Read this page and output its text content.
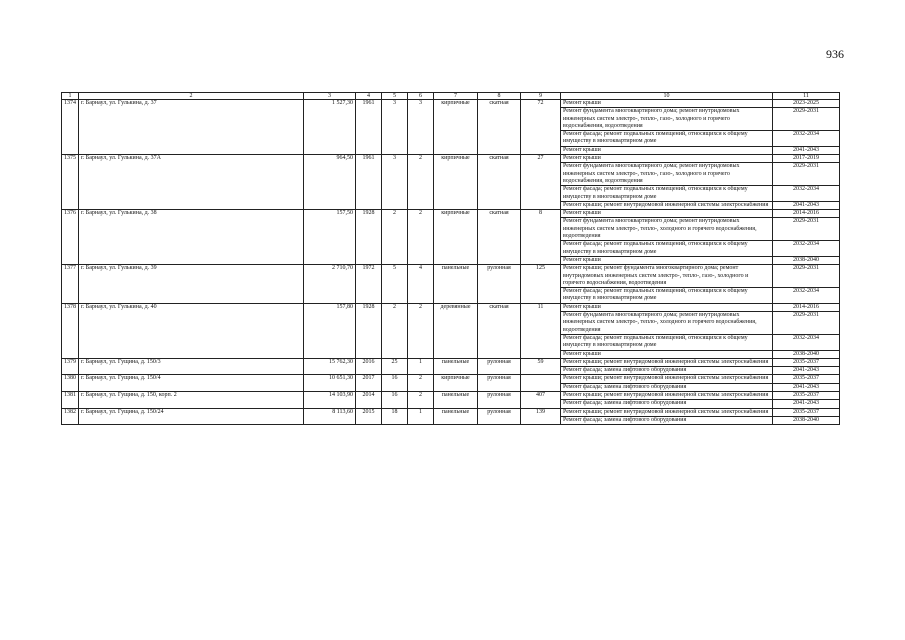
936
1	2	3	4	5	6	7	8	9	10	11
1374	г. Барнаул, ул. Гулькина, д. 37	1 527,30	1961	3	3	кирпичные	скатная	72	Ремонт крыши	2023-2025
									Ремонт фундамента многоквартирного дома; ремонт внутридомовых инженерных систем электро-, тепло-, газо-, холодного и горячего водоснабжения, водоотведения	2029-2031
									Ремонт фасада; ремонт подвальных помещений, относящихся к общему имуществу в многоквартирном доме	2032-2034
									Ремонт крыши	2041-2043
1375	г. Барнаул, ул. Гулькина, д. 37А	964,50	1961	3	2	кирпичные	скатная	27	Ремонт крыши	2017-2019
									Ремонт фундамента многоквартирного дома; ремонт внутридомовых инженерных систем электро-, тепло-, газо-, холодного и горячего водоснабжения, водоотведения	2029-2031
									Ремонт фасада; ремонт подвальных помещений, относящихся к общему имуществу в многоквартирном доме	2032-2034
									Ремонт крыши; ремонт внутридомовой инженерной системы электроснабжения	2041-2043
1376	г. Барнаул, ул. Гулькина, д. 38	157,50	1928	2	2	кирпичные	скатная	8	Ремонт крыши	2014-2016
									Ремонт фундамента многоквартирного дома; ремонт внутридомовых инженерных систем электро-, тепло-, холодного и горячего водоснабжения, водоотведения	2029-2031
									Ремонт фасада; ремонт подвальных помещений, относящихся к общему имуществу в многоквартирном доме	2032-2034
									Ремонт крыши	2038-2040
1377	г. Барнаул, ул. Гулькина, д. 39	2 710,70	1972	5	4	панельные	рулонная	125	Ремонт крыши; ремонт фундамента многоквартирного дома; ремонт внутридомовых инженерных систем электро-, тепло-, газо-, холодного и горячего водоснабжения, водоотведения	2029-2031
									Ремонт фасада; ремонт подвальных помещений, относящихся к общему имуществу в многоквартирном доме	2032-2034
1378	г. Барнаул, ул. Гулькина, д. 40	157,80	1928	2	2	деревянные	скатная	11	Ремонт крыши	2014-2016
									Ремонт фундамента многоквартирного дома; ремонт внутридомовых инженерных систем электро-, тепло-, холодного и горячего водоснабжения, водоотведения	2029-2031
									Ремонт фасада; ремонт подвальных помещений, относящихся к общему имуществу в многоквартирном доме	2032-2034
									Ремонт крыши	2038-2040
1379	г. Барнаул, ул. Гущина, д. 150/3	15 762,30	2016	25	1	панельные	рулонная	59	Ремонт крыши; ремонт внутридомовой инженерной системы электроснабжения	2035-2037
									Ремонт фасада; замена лифтового оборудования	2041-2043
1380	г. Барнаул, ул. Гущина, д. 150/4	10 651,30	2017	16	2	кирпичные	рулонная		Ремонт крыши; ремонт внутридомовой инженерной системы электроснабжения	2035-2037
									Ремонт фасада; замена лифтового оборудования	2041-2043
1381	г. Барнаул, ул. Гущина, д. 150, корп. 2	14 103,90	2014	16	2	панельные	рулонная	407	Ремонт крыши; ремонт внутридомовой инженерной системы электроснабжения	2035-2037
									Ремонт фасада; замена лифтового оборудования	2041-2043
1382	г. Барнаул, ул. Гущина, д. 150/24	8 113,60	2015	18	1	панельные	рулонная	139	Ремонт крыши; ремонт внутридомовой инженерной системы электроснабжения	2035-2037
									Ремонт фасада; замена лифтового оборудования	2038-2040
